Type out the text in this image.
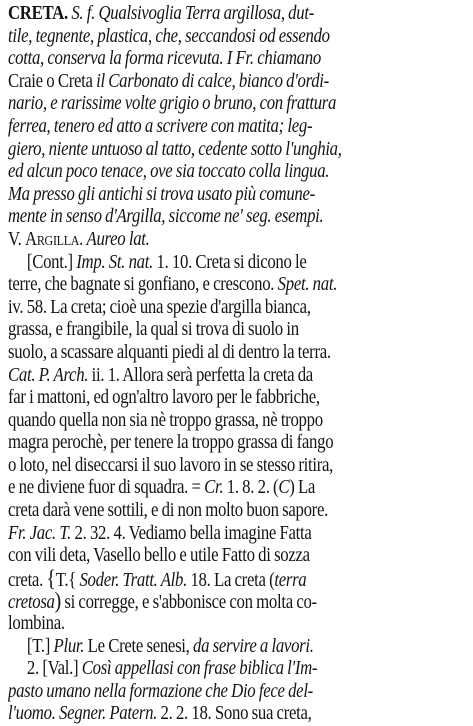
CRETA. S. f. Qualsivoglia Terra argillosa, dut-
tile, tegnente, plastica, che, seccandosi od essendo
cotta, conserva la forma ricevuta. I Fr. chiamano
Craie o Creta il Carbonato di calce, bianco d'ordi-
nario, e rarissime volte grigio o bruno, con frattura
ferrea, tenero ed atto a scrivere con matita; leg-
giero, niente untuoso al tatto, cedente sotto l'unghia,
ed alcun poco tenace, ove sia toccato colla lingua.
Ma presso gli antichi si trova usato più comune-
mente in senso d'Argilla, siccome ne' seg. esempi.
V. Argilla. Aureo lat.
[Cont.] Imp. St. nat. 1. 10. Creta si dicono le
terre, che bagnate si gonfiano, e crescono. Spet. nat.
iv. 58. La creta; cioè una spezie d'argilla bianca,
grassa, e frangibile, la qual si trova di suolo in
suolo, a scassare alquanti piedi al di dentro la terra.
Cat. P. Arch. ii. 1. Allora serà perfetta la creta da
far i mattoni, ed ogn'altro lavoro per le fabbriche,
quando quella non sia nè troppo grassa, nè troppo
magra perochè, per tenere la troppo grassa di fango
o loto, nel diseccarsi il suo lavoro in se stesso ritira,
e ne diviene fuor di squadra. = Cr. 1. 8. 2. (C) La
creta darà vene sottili, e di non molto buon sapore.
Fr. Jac. T. 2. 32. 4. Vediamo bella imagine Fatta
con vili deta, Vasello bello e utile Fatto di sozza
creta. {T.{ Soder. Tratt. Alb. 18. La creta (terra
cretosa) si corregge, e s'abbonisce con molta co-
lombina.
[T.] Plur. Le Crete senesi, da servire a lavori.
2. [Val.] Così appellasi con frase biblica l'Im-
pasto umano nella formazione che Dio fece del-
l'uomo. Segner. Patern. 2. 2. 18. Sono sua creta,
